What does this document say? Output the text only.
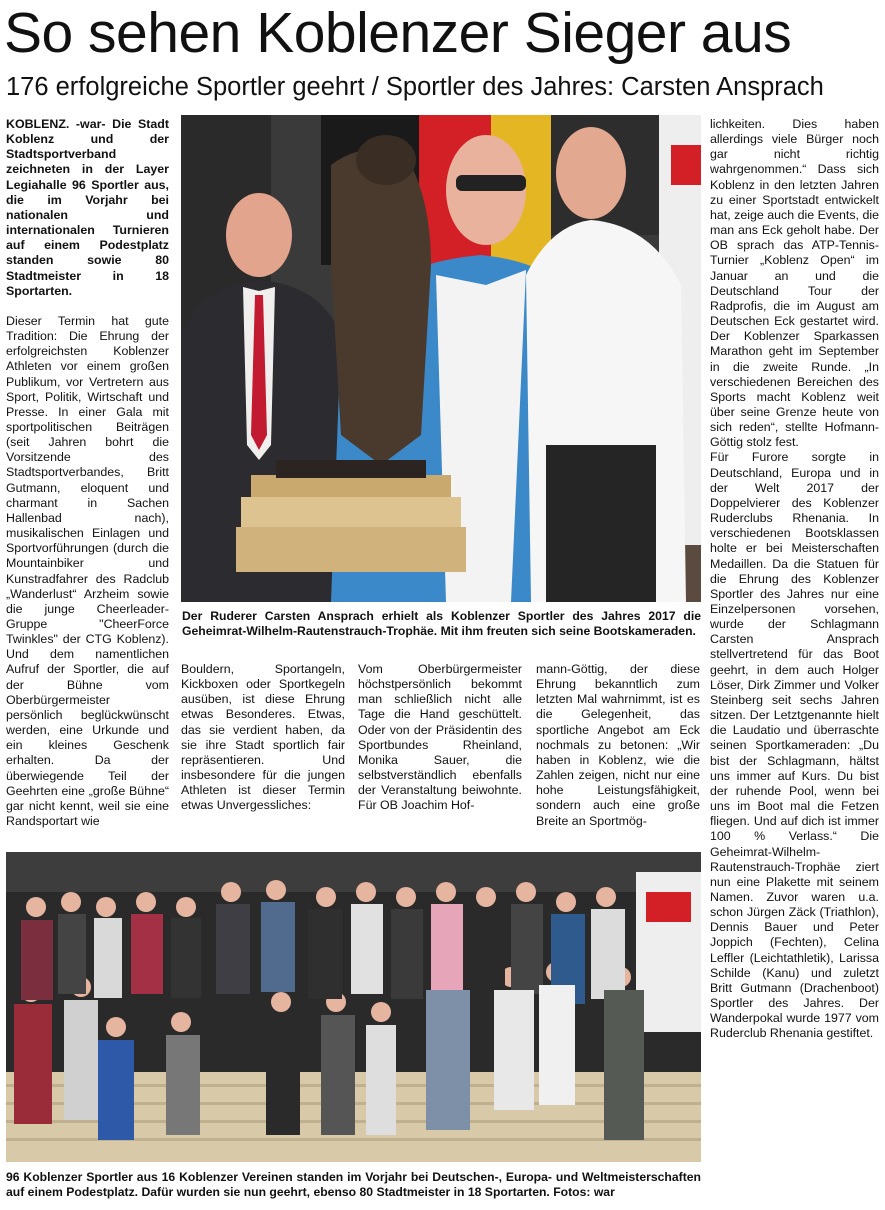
So sehen Koblenzer Sieger aus
176 erfolgreiche Sportler geehrt / Sportler des Jahres: Carsten Ansprach

KOBLENZ. -war- Die Stadt Koblenz und der Stadtsportverband zeichneten in der Layer Legiahalle 96 Sportler aus, die im Vorjahr bei nationalen und internationalen Turnieren auf einem Podestplatz standen sowie 80 Stadtmeister in 18 Sportarten.

Dieser Termin hat gute Tradition: Die Ehrung der erfolgreichsten Koblenzer Athleten vor einem großen Publikum, vor Vertretern aus Sport, Politik, Wirtschaft und Presse. In einer Gala mit sportpolitischen Beiträgen (seit Jahren bohrt die Vorsitzende des Stadtsportverbandes, Britt Gutmann, eloquent und charmant in Sachen Hallenbad nach), musikalischen Einlagen und Sportvorführungen (durch die Mountainbiker und Kunstradfahrer des Radclub „Wanderlust“ Arzheim sowie die junge Cheerleader-Gruppe "CheerForce Twinkles" der CTG Koblenz). Und dem namentlichen Aufruf der Sportler, die auf der Bühne vom Oberbürgermeister persönlich beglückwünscht werden, eine Urkunde und ein kleines Geschenk erhalten. Da der überwiegende Teil der Geehrten eine „große Bühne“ gar nicht kennt, weil sie eine Randsportart wie

Der Ruderer Carsten Ansprach erhielt als Koblenzer Sportler des Jahres 2017 die Geheimrat-Wilhelm-Rautenstrauch-Trophäe. Mit ihm freuten sich seine Bootskameraden.
Bouldern, Sportangeln, Kickboxen oder Sportkegeln ausüben, ist diese Ehrung etwas Besonderes. Etwas, das sie verdient haben, da sie ihre Stadt sportlich fair repräsentieren. Und insbesondere für die jungen Athleten ist dieser Termin etwas Unvergessliches:
Vom Oberbürgermeister höchstpersönlich bekommt man schließlich nicht alle Tage die Hand geschüttelt. Oder von der Präsidentin des Sportbundes Rheinland, Monika Sauer, die selbstverständlich ebenfalls der Veranstaltung beiwohnte. Für OB Joachim Hof-
mann-Göttig, der diese Ehrung bekanntlich zum letzten Mal wahrnimmt, ist es die Gelegenheit, das sportliche Angebot am Eck nochmals zu betonen: „Wir haben in Koblenz, wie die Zahlen zeigen, nicht nur eine hohe Leistungsfähigkeit, sondern auch eine große Breite an Sportmög-

lichkeiten. Dies haben allerdings viele Bürger noch gar nicht richtig wahrgenommen.“ Dass sich Koblenz in den letzten Jahren zu einer Sportstadt entwickelt hat, zeige auch die Events, die man ans Eck geholt habe. Der OB sprach das ATP-Tennis-Turnier „Koblenz Open“ im Januar an und die Deutschland Tour der Radprofis, die im August am Deutschen Eck gestartet wird. Der Koblenzer Sparkassen Marathon geht im September in die zweite Runde. „In verschiedenen Bereichen des Sports macht Koblenz weit über seine Grenze heute von sich reden“, stellte Hofmann-Göttig stolz fest.

Für Furore sorgte in Deutschland, Europa und in der Welt 2017 der Doppelvierer des Koblenzer Ruderclubs Rhenania. In verschiedenen Bootsklassen holte er bei Meisterschaften Medaillen. Da die Statuen für die Ehrung des Koblenzer Sportler des Jahres nur eine Einzelpersonen vorsehen, wurde der Schlagmann Carsten Ansprach stellvertretend für das Boot geehrt, in dem auch Holger Löser, Dirk Zimmer und Volker Steinberg seit sechs Jahren sitzen. Der Letztgenannte hielt die Laudatio und überraschte seinen Sportkameraden: „Du bist der Schlagmann, hältst uns immer auf Kurs. Du bist der ruhende Pool, wenn bei uns im Boot mal die Fetzen fliegen. Und auf dich ist immer 100 % Verlass.“ Die Geheimrat-Wilhelm-Rautenstrauch-Trophäe ziert nun eine Plakette mit seinem Namen. Zuvor waren u.a. schon Jürgen Zäck (Triathlon), Dennis Bauer und Peter Joppich (Fechten), Celina Leffler (Leichtathletik), Larissa Schilde (Kanu) und zuletzt Britt Gutmann (Drachenboot) Sportler des Jahres. Der Wanderpokal wurde 1977 vom Ruderclub Rhenania gestiftet.

96 Koblenzer Sportler aus 16 Koblenzer Vereinen standen im Vorjahr bei Deutschen-, Europa- und Weltmeisterschaften auf einem Podestplatz. Dafür wurden sie nun geehrt, ebenso 80 Stadtmeister in 18 Sportarten. Fotos: war
